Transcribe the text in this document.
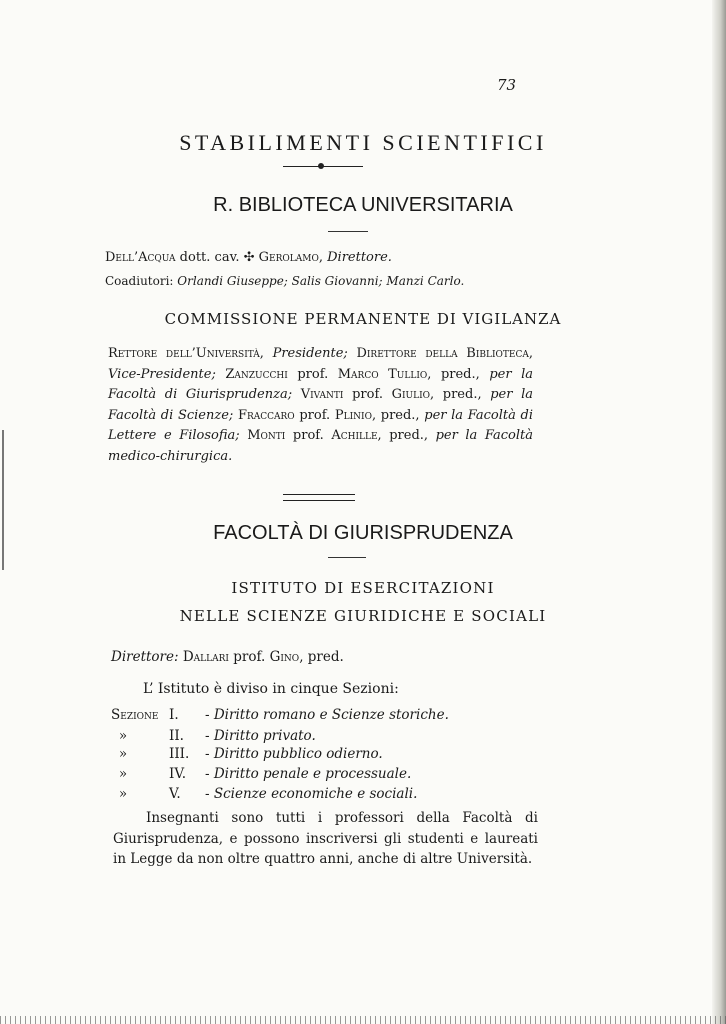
73
STABILIMENTI SCIENTIFICI
R. BIBLIOTECA UNIVERSITARIA
Dell’Acqua dott. cav. ✣ Gerolamo, Direttore.
Coadiutori: Orlandi Giuseppe; Salis Giovanni; Manzi Carlo.
COMMISSIONE PERMANENTE DI VIGILANZA
Rettore dell’Università, Presidente; Direttore della Biblioteca, Vice-Presidente; Zanzucchi prof. Marco Tullio, pred., per la Facoltà di Giurisprudenza; Vivanti prof. Giulio, pred., per la Facoltà di Scienze; Fraccaro prof. Plinio, pred., per la Facoltà di Lettere e Filosofia; Monti prof. Achille, pred., per la Facoltà medico-chirurgica.
FACOLTÀ DI GIURISPRUDENZA
ISTITUTO DI ESERCITAZIONI
NELLE SCIENZE GIURIDICHE E SOCIALI
Direttore: Dallari prof. Gino, pred.
L’ Istituto è diviso in cinque Sezioni:
Sezione I. - Diritto romano e Scienze storiche.
»	II. - Diritto privato.
»	III. - Diritto pubblico odierno.
»	IV. - Diritto penale e processuale.
»	V. - Scienze economiche e sociali.
Insegnanti sono tutti i professori della Facoltà di Giurisprudenza, e possono inscriversi gli studenti e laureati in Legge da non oltre quattro anni, anche di altre Università.
